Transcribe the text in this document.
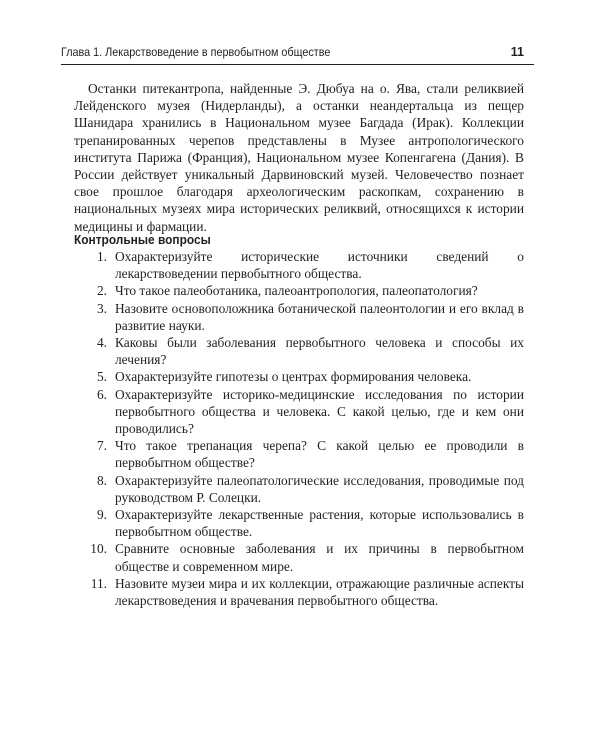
Глава 1. Лекарствоведение в первобытном обществе	11

Останки питекантропа, найденные Э. Дюбуа на о. Ява, стали реликвией Лейденского музея (Нидерланды), а останки неандертальца из пещер Шанидара хранились в Национальном музее Багдада (Ирак). Коллекции трепанированных черепов представлены в Музее антропологического института Парижа (Франция), Национальном музее Копенгагена (Дания). В России действует уникальный Дарвиновский музей. Человечество познает свое прошлое благодаря археологическим раскопкам, сохранению в национальных музеях мира исторических реликвий, относящихся к истории медицины и фармации.

Контрольные вопросы
1. Охарактеризуйте исторические источники сведений о лекарствоведении первобытного общества.
2. Что такое палеоботаника, палеоантропология, палеопатология?
3. Назовите основоположника ботанической палеонтологии и его вклад в развитие науки.
4. Каковы были заболевания первобытного человека и способы их лечения?
5. Охарактеризуйте гипотезы о центрах формирования человека.
6. Охарактеризуйте историко-медицинские исследования по истории первобытного общества и человека. С какой целью, где и кем они проводились?
7. Что такое трепанация черепа? С какой целью ее проводили в первобытном обществе?
8. Охарактеризуйте палеопатологические исследования, проводимые под руководством Р. Солецки.
9. Охарактеризуйте лекарственные растения, которые использовались в первобытном обществе.
10. Сравните основные заболевания и их причины в первобытном обществе и современном мире.
11. Назовите музеи мира и их коллекции, отражающие различные аспекты лекарствоведения и врачевания первобытного общества.
